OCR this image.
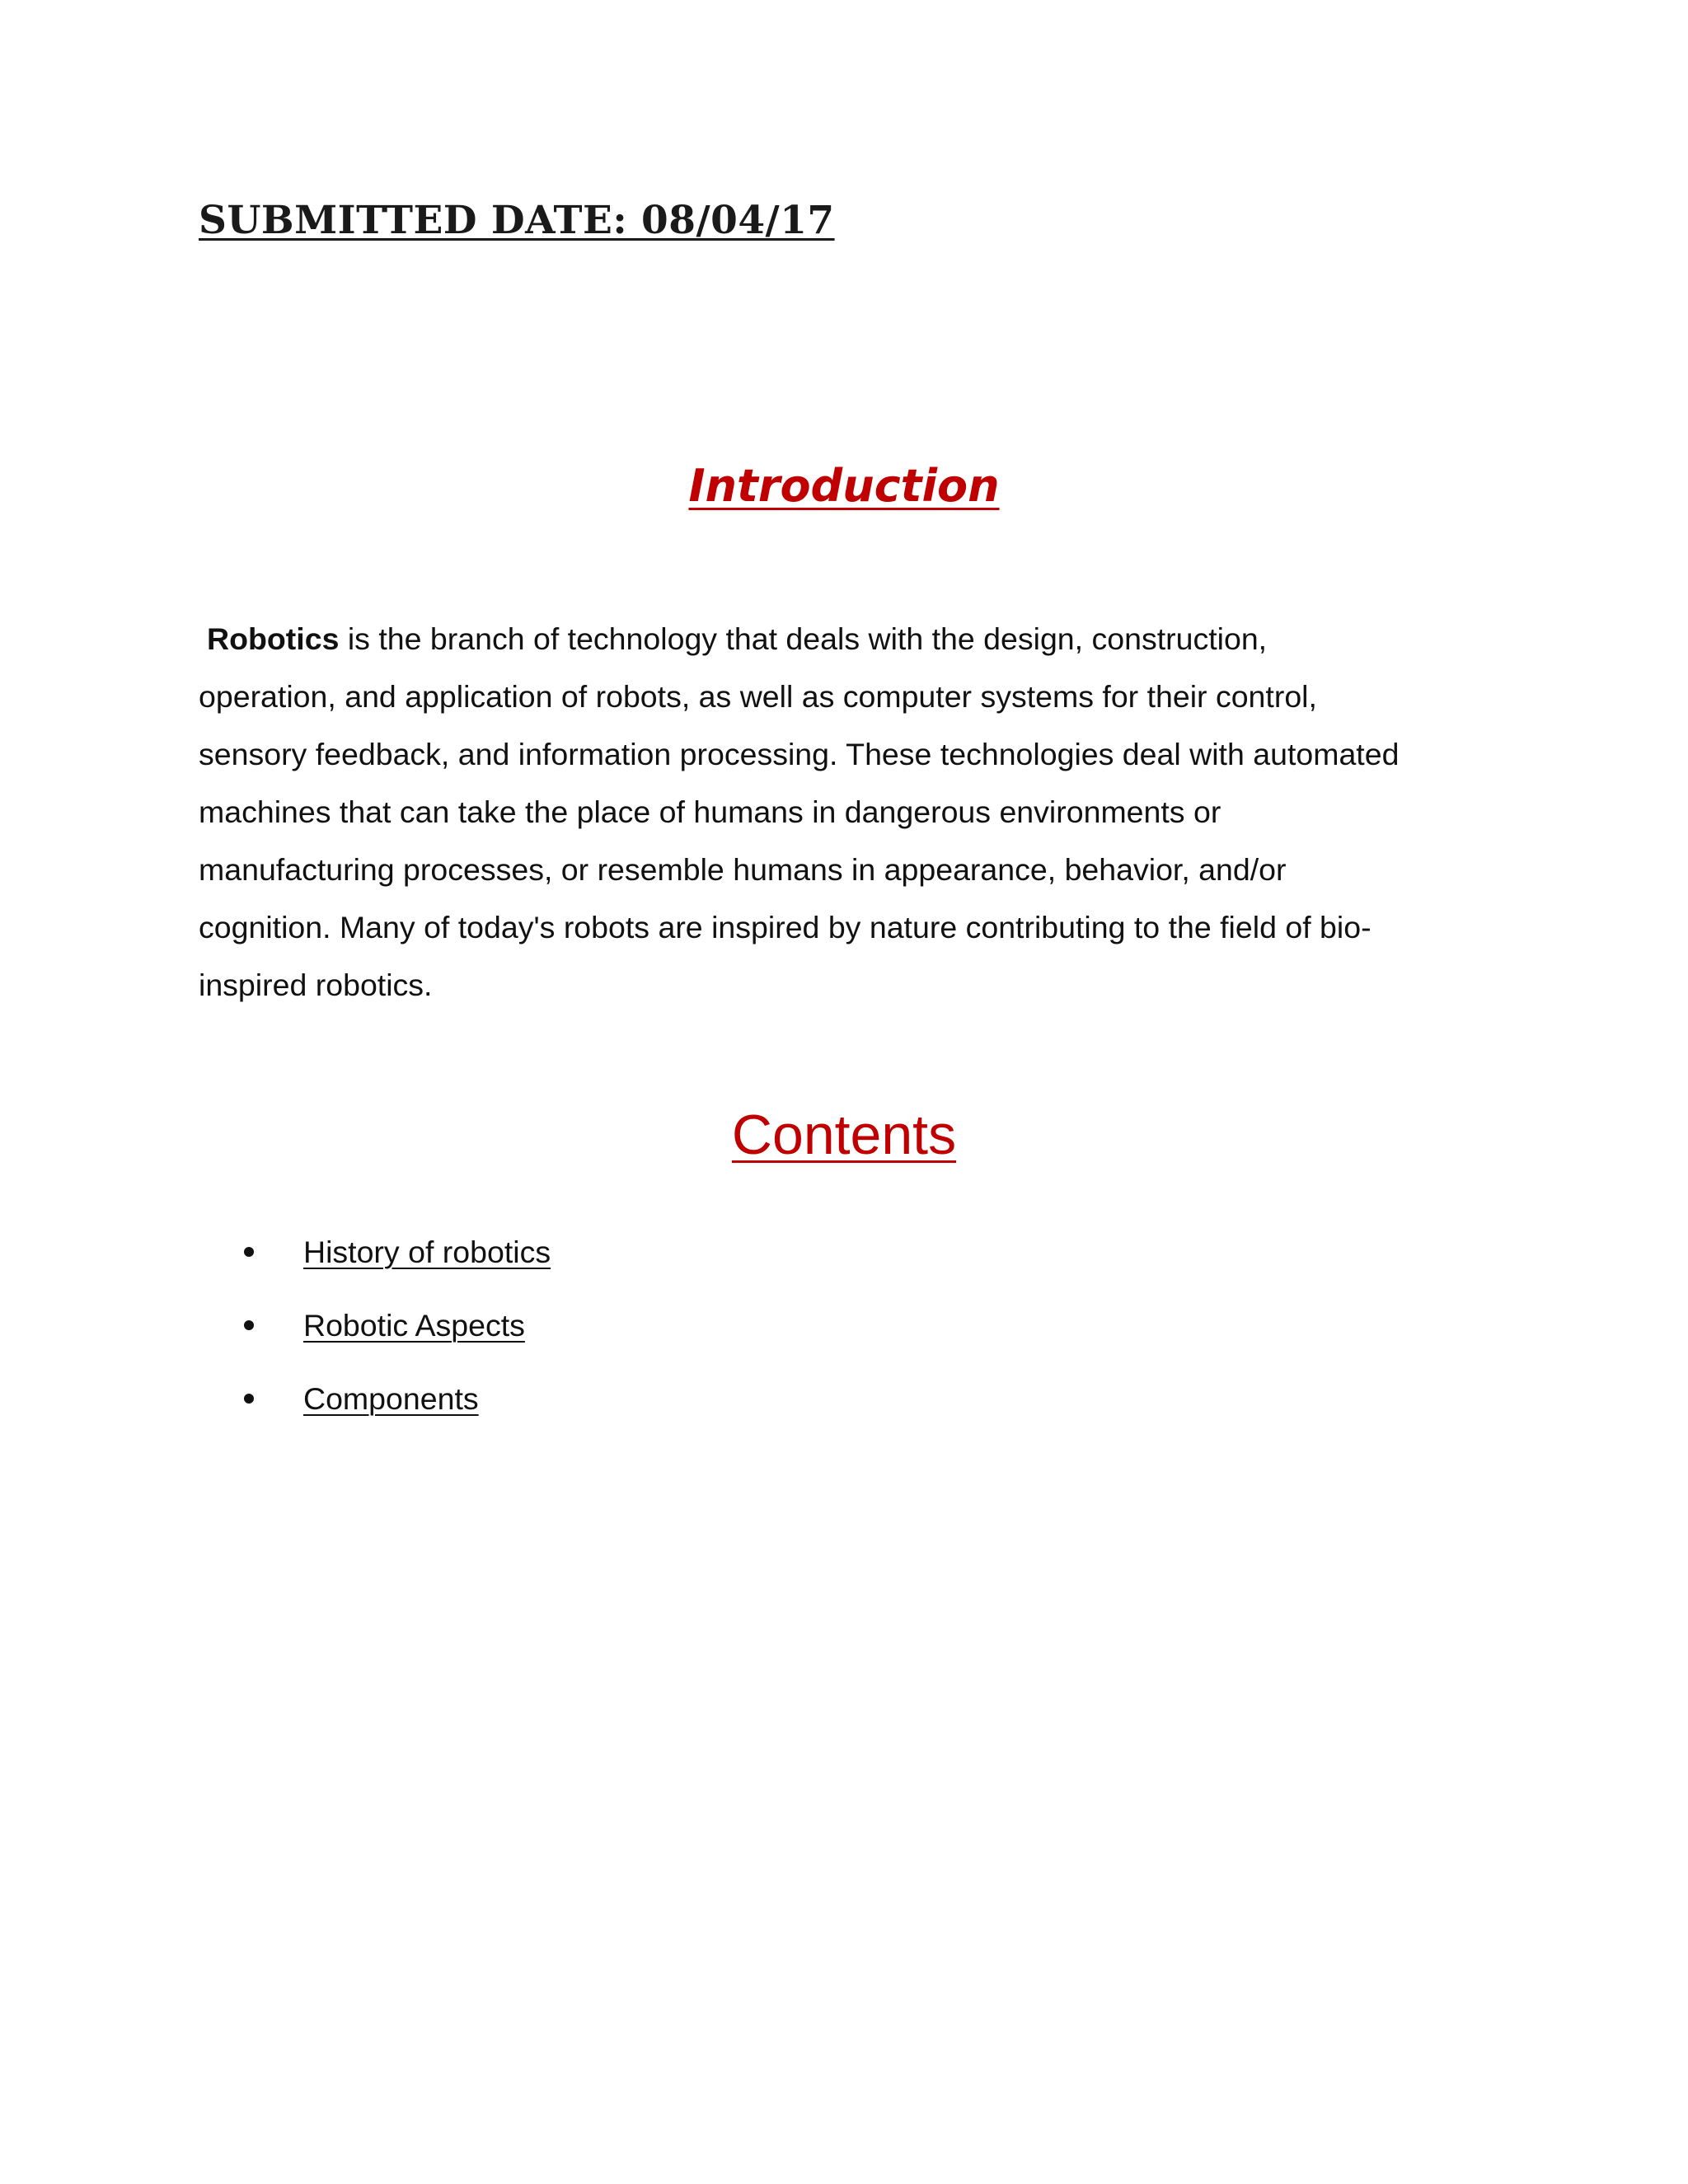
SUBMITTED DATE: 08/04/17
Introduction
Robotics is the branch of technology that deals with the design, construction,
operation, and application of robots, as well as computer systems for their control,
sensory feedback, and information processing. These technologies deal with automated
machines that can take the place of humans in dangerous environments or
manufacturing processes, or resemble humans in appearance, behavior, and/or
cognition. Many of today's robots are inspired by nature contributing to the field of bio-
inspired robotics.
Contents
History of robotics
Robotic Aspects
Components
